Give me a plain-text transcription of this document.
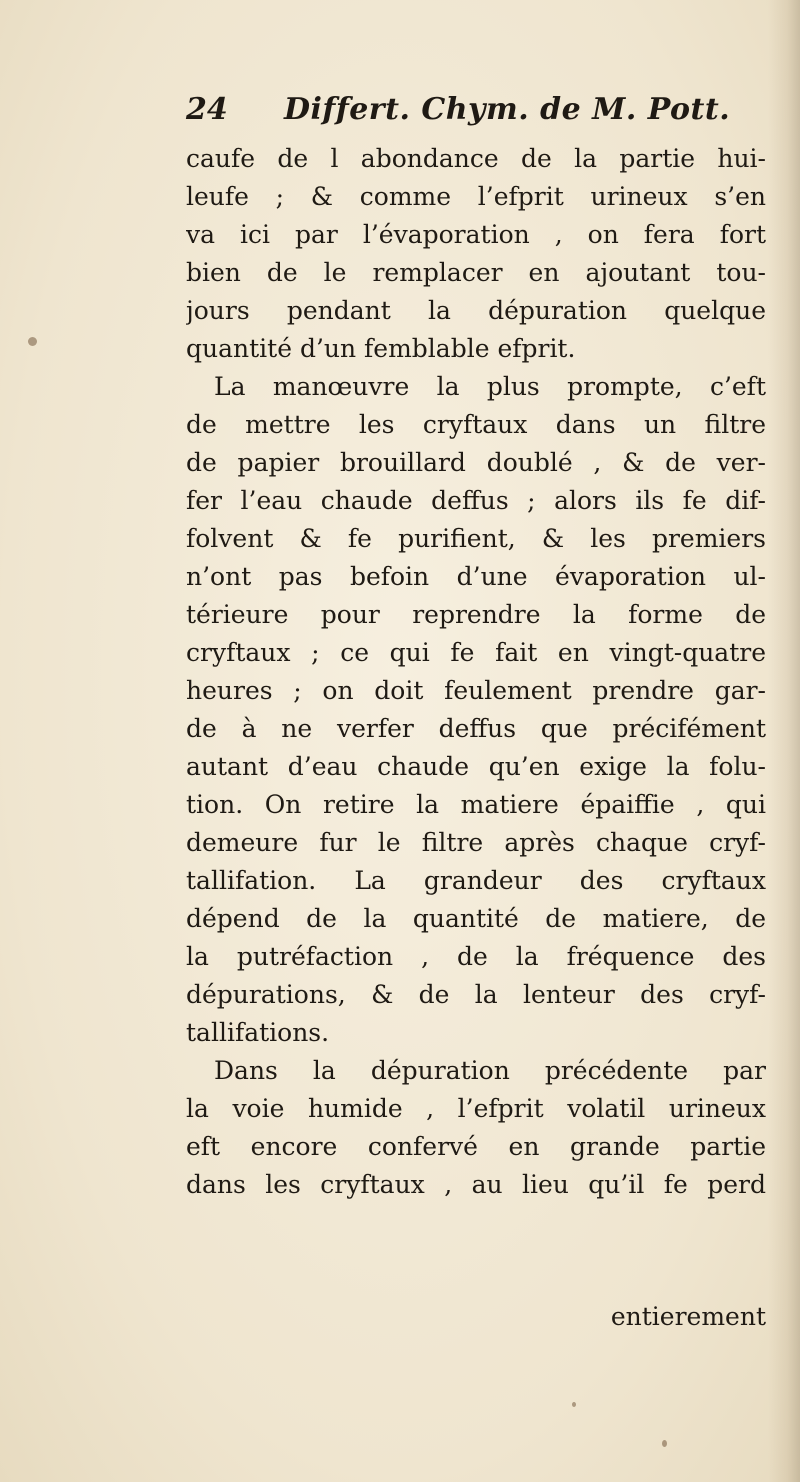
24 Differt. Chym. de M. Pott.
caufe de l abondance de la partie hui-
leufe ; & comme l’efprit urineux s’en
va ici par l’évaporation , on fera fort
bien de le remplacer en ajoutant tou-
jours pendant la dépuration quelque
quantité d’un femblable efprit.
La manœuvre la plus prompte, c’eft
de mettre les cryftaux dans un filtre
de papier brouillard doublé , & de ver-
fer l’eau chaude deffus ; alors ils fe dif-
folvent & fe purifient, & les premiers
n’ont pas befoin d’une évaporation ul-
térieure pour reprendre la forme de
cryftaux ; ce qui fe fait en vingt-quatre
heures ; on doit feulement prendre gar-
de à ne verfer deffus que précifément
autant d’eau chaude qu’en exige la folu-
tion. On retire la matiere épaiffie , qui
demeure fur le filtre après chaque cryf-
tallifation. La grandeur des cryftaux
dépend de la quantité de matiere, de
la putréfaction , de la fréquence des
dépurations, & de la lenteur des cryf-
tallifations.
Dans la dépuration précédente par
la voie humide , l’efprit volatil urineux
eft encore confervé en grande partie
dans les cryftaux , au lieu qu’il fe perd
entierement
